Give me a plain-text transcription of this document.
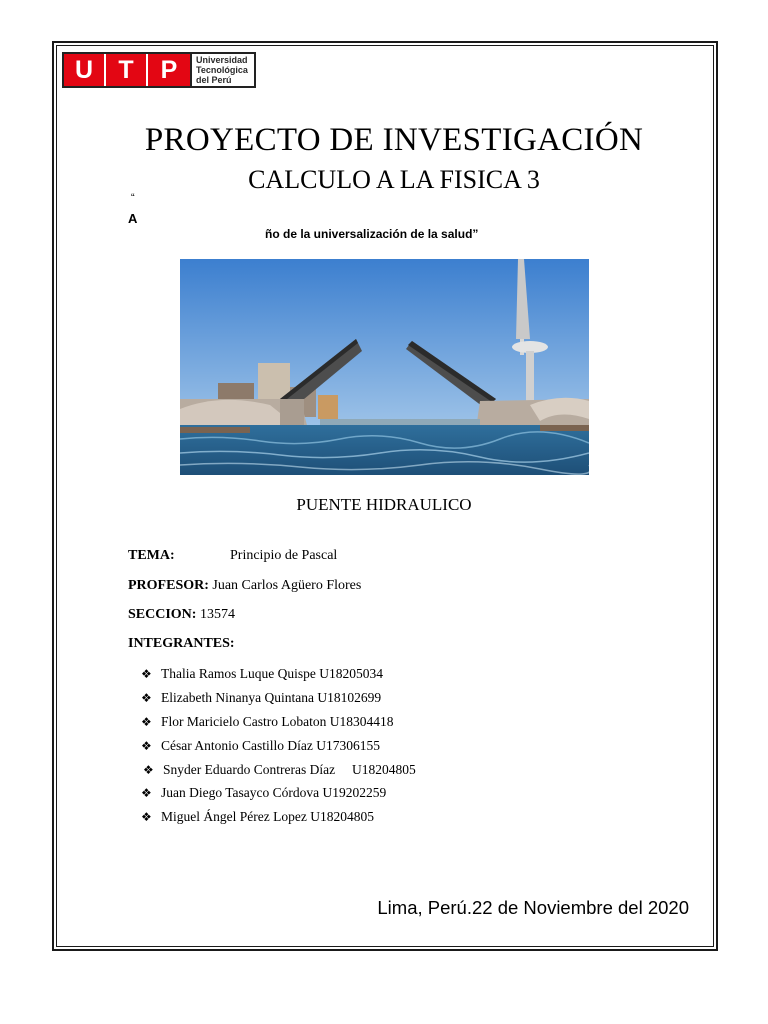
U	T	P	Universidad
Tecnológica
del Perú
PROYECTO DE INVESTIGACIÓN
CALCULO A LA FISICA 3
“
A
ño de la universalización de la salud”
PUENTE HIDRAULICO
TEMA:	Principio de Pascal
PROFESOR: Juan Carlos Agüero Flores
SECCION: 13574
INTEGRANTES:
❖ Thalia Ramos Luque Quispe U18205034
❖ Elizabeth Ninanya Quintana U18102699
❖ Flor Maricielo Castro Lobaton U18304418
❖ César Antonio Castillo Díaz U17306155
❖ Snyder Eduardo Contreras Díaz     U18204805
❖ Juan Diego Tasayco Córdova U19202259
❖ Miguel Ángel Pérez Lopez U18204805
Lima, Perú.22 de Noviembre del 2020
